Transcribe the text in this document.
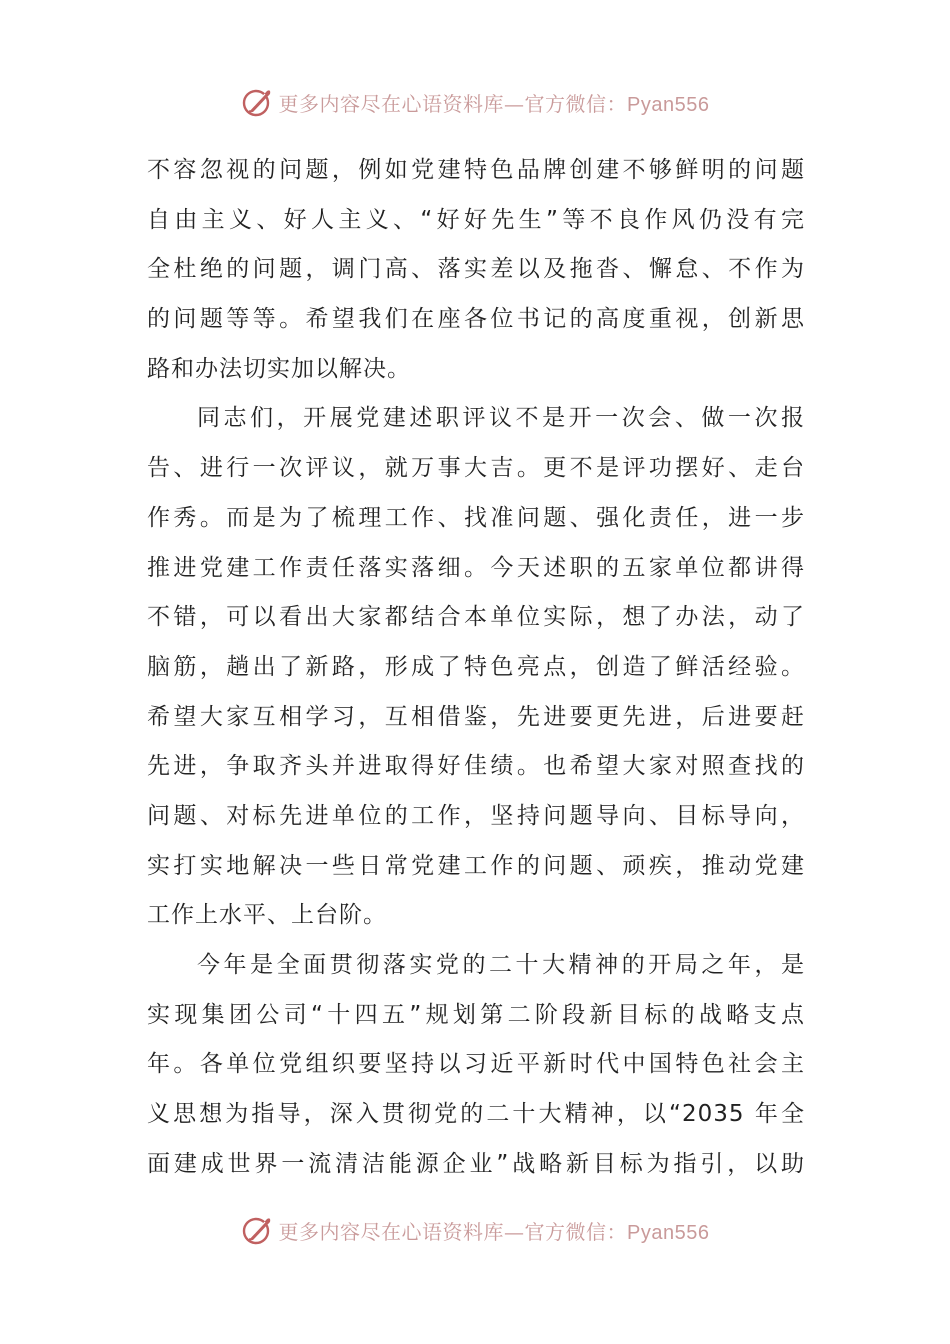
更多内容尽在心语资料库—官方微信：Pyan556
不容忽视的问题，例如党建特色品牌创建不够鲜明的问题
自由主义、好人主义、“好好先生”等不良作风仍没有完
全杜绝的问题，调门高、落实差以及拖沓、懈怠、不作为
的问题等等。希望我们在座各位书记的高度重视，创新思
路和办法切实加以解决。
同志们，开展党建述职评议不是开一次会、做一次报
告、进行一次评议，就万事大吉。更不是评功摆好、走台
作秀。而是为了梳理工作、找准问题、强化责任，进一步
推进党建工作责任落实落细。今天述职的五家单位都讲得
不错，可以看出大家都结合本单位实际，想了办法，动了
脑筋，趟出了新路，形成了特色亮点，创造了鲜活经验。
希望大家互相学习，互相借鉴，先进要更先进，后进要赶
先进，争取齐头并进取得好佳绩。也希望大家对照查找的
问题、对标先进单位的工作，坚持问题导向、目标导向，
实打实地解决一些日常党建工作的问题、顽疾，推动党建
工作上水平、上台阶。
今年是全面贯彻落实党的二十大精神的开局之年，是
实现集团公司“十四五”规划第二阶段新目标的战略支点
年。各单位党组织要坚持以习近平新时代中国特色社会主
义思想为指导，深入贯彻党的二十大精神，以“2035 年全
面建成世界一流清洁能源企业”战略新目标为指引，以助
更多内容尽在心语资料库—官方微信：Pyan556
